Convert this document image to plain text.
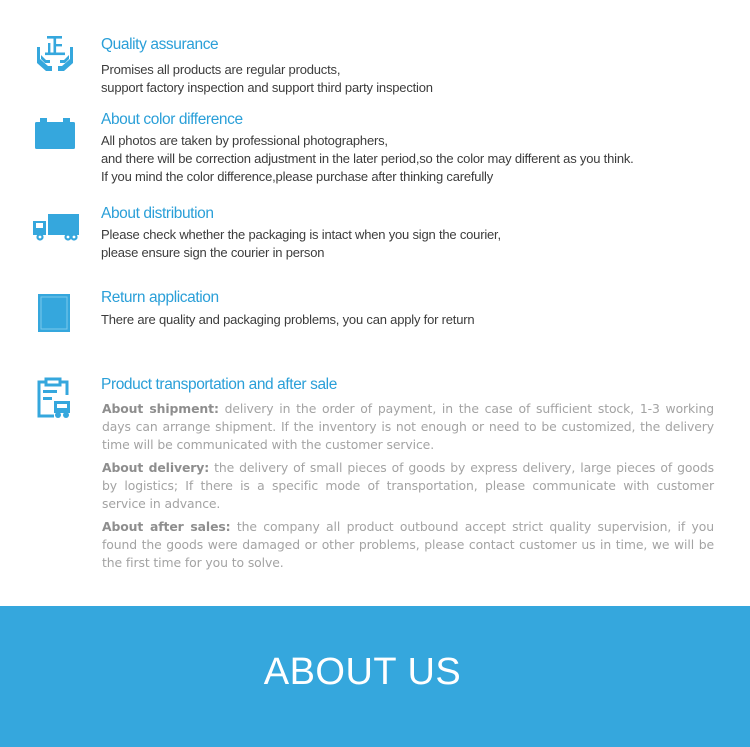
Quality assurance
Promises all products are regular products,
support factory inspection and support third party inspection
About color difference
All photos are taken by professional photographers,
and there will be correction adjustment in the later period,so the color may different as you think.
If you mind the color difference,please purchase after thinking carefully
About distribution
Please check whether the packaging is intact when you sign the courier,
please ensure sign the courier in person
Return application
There are quality and packaging problems, you can apply for return
Product transportation and after sale
About shipment: delivery in the order of payment, in the case of sufficient stock, 1-3 working days can arrange shipment. If the inventory is not enough or need to be customized, the delivery time will be communicated with the customer service.
About delivery: the delivery of small pieces of goods by express delivery, large pieces of goods by logistics; If there is a specific mode of transportation, please communicate with customer service in advance.
About after sales: the company all product outbound accept strict quality supervision, if you found the goods were damaged or other problems, please contact customer us in time, we will be the first time for you to solve.
ABOUT US
